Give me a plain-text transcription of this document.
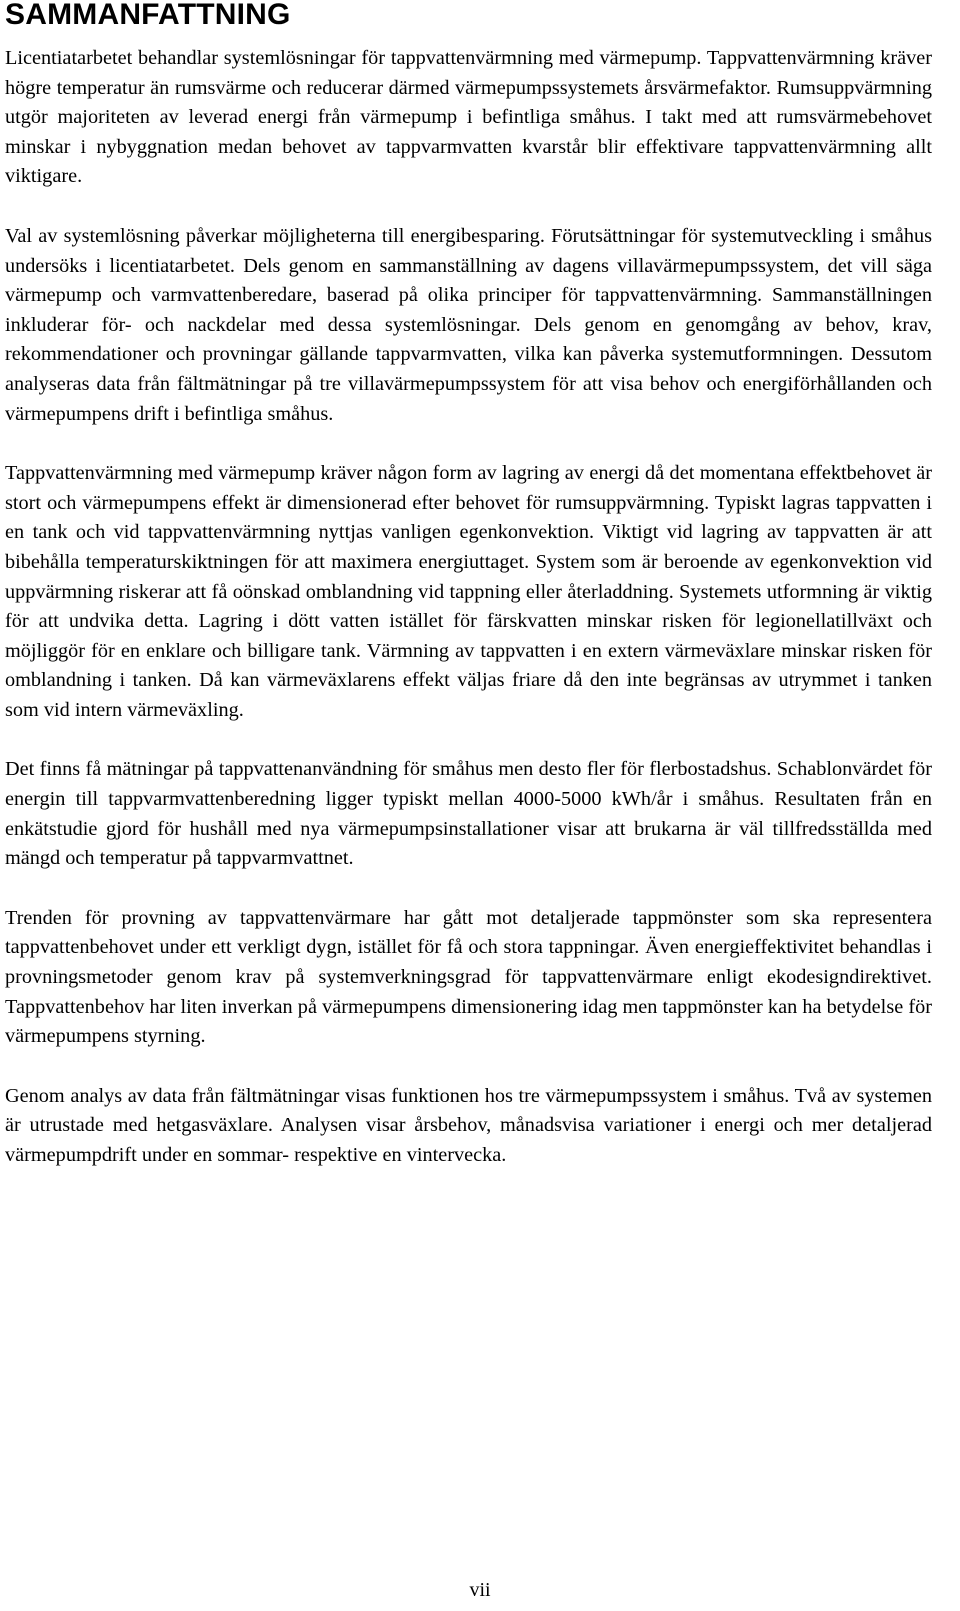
SAMMANFATTNING

Licentiatarbetet behandlar systemlösningar för tappvattenvärmning med värmepump. Tappvattenvärmning kräver högre temperatur än rumsvärme och reducerar därmed värmepumpssystemets årsvärmefaktor. Rumsuppvärmning utgör majoriteten av leverad energi från värmepump i befintliga småhus. I takt med att rumsvärmebehovet minskar i nybyggnation medan behovet av tappvarmvatten kvarstår blir effektivare tappvattenvärmning allt viktigare.

Val av systemlösning påverkar möjligheterna till energibesparing. Förutsättningar för systemutveckling i småhus undersöks i licentiatarbetet. Dels genom en sammanställning av dagens villavärmepumpssystem, det vill säga värmepump och varmvattenberedare, baserad på olika principer för tappvattenvärmning. Sammanställningen inkluderar för- och nackdelar med dessa systemlösningar. Dels genom en genomgång av behov, krav, rekommendationer och provningar gällande tappvarmvatten, vilka kan påverka systemutformningen. Dessutom analyseras data från fältmätningar på tre villavärmepumpssystem för att visa behov och energiförhållanden och värmepumpens drift i befintliga småhus.

Tappvattenvärmning med värmepump kräver någon form av lagring av energi då det momentana effektbehovet är stort och värmepumpens effekt är dimensionerad efter behovet för rumsuppvärmning. Typiskt lagras tappvatten i en tank och vid tappvattenvärmning nyttjas vanligen egenkonvektion. Viktigt vid lagring av tappvatten är att bibehålla temperaturskiktningen för att maximera energiuttaget. System som är beroende av egenkonvektion vid uppvärmning riskerar att få oönskad omblandning vid tappning eller återladdning. Systemets utformning är viktig för att undvika detta. Lagring i dött vatten istället för färskvatten minskar risken för legionellatillväxt och möjliggör för en enklare och billigare tank. Värmning av tappvatten i en extern värmeväxlare minskar risken för omblandning i tanken. Då kan värmeväxlarens effekt väljas friare då den inte begränsas av utrymmet i tanken som vid intern värmeväxling.

Det finns få mätningar på tappvattenanvändning för småhus men desto fler för flerbostadshus. Schablonvärdet för energin till tappvarmvattenberedning ligger typiskt mellan 4000-5000 kWh/år i småhus. Resultaten från en enkätstudie gjord för hushåll med nya värmepumpsinstallationer visar att brukarna är väl tillfredsställda med mängd och temperatur på tappvarmvattnet.

Trenden för provning av tappvattenvärmare har gått mot detaljerade tappmönster som ska representera tappvattenbehovet under ett verkligt dygn, istället för få och stora tappningar. Även energieffektivitet behandlas i provningsmetoder genom krav på systemverkningsgrad för tappvattenvärmare enligt ekodesigndirektivet. Tappvattenbehov har liten inverkan på värmepumpens dimensionering idag men tappmönster kan ha betydelse för värmepumpens styrning.

Genom analys av data från fältmätningar visas funktionen hos tre värmepumpssystem i småhus. Två av systemen är utrustade med hetgasväxlare. Analysen visar årsbehov, månadsvisa variationer i energi och mer detaljerad värmepumpdrift under en sommar- respektive en vintervecka.

vii
